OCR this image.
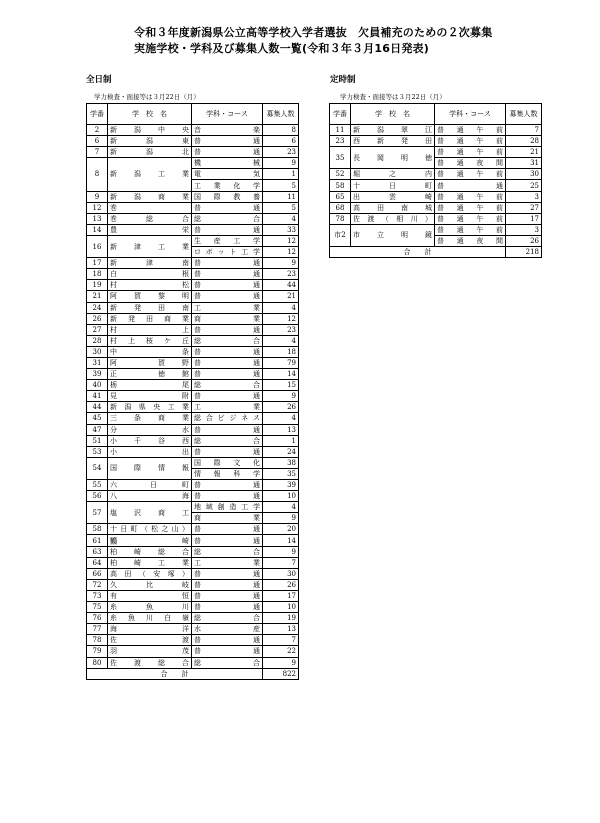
令和３年度新潟県公立高等学校入学者選抜　欠員補充のための２次募集
実施学校・学科及び募集人数一覧(令和３年３月16日発表)
全日制
学力検査・面接等は３月22日（月）
定時制
学力検査・面接等は３月22日（月）
学番	学　校　名	学科・コース	募集人数
2	新　潟　中　央	音　　　　楽	8
6	新　　潟　　東	普　　　　通	6
7	新　　潟　　北	普　　　　通	23
8	新　潟　工　業	機　　　　械	9
		電　　　　気	1
		工　業　化　学	5
9	新　潟　商　業	国　際　教　養	11
12	巻	普　　　　通	5
13	巻　　総　　合	総　　　　合	4
14	豊　　　　　栄	普　　　　通	33
16	新　津　工　業	生　産　工　学	12
		ロ ボ ッ ト 工 学	12
17	新　　津　　南	普　　　　通	9
18	白　　　　　根	普　　　　通	23
19	村　　　　　松	普　　　　通	44
21	阿　賀　黎　明	普　　　　通	21
24	新　発　田　南	工　　　　業	4
26	新　発　田　商　業	商　　　　業	12
27	村　　　　　上	普　　　　通	23
28	村　上　桜　ケ　丘	総　　　　合	4
30	中　　　　　条	普　　　　通	18
31	阿　　　　　賀　　野	普　　　　通	79
39	正　　　　　徳　　館	普　　　　通	14
40	栃　　　　　尾	総　　　　合	15
41	見　　　　　附	普　　　　通	9
44	新　潟　県　央　工　業	工　　　　業	26
45	三　　条　　商　　業	総合ビジネス	4
47	分　　　　　水	普　　　　通	13
51	小　　千　　谷　　西	総　　　　合	1
53	小　　　　　出	普　　　　通	24
54	国　　際　　情　　報	国　際　文　化	38
		情　報　科　学	35
55	六　　　　日　　　町	普　　　　通	39
56	八　　　　　　　　海	普　　　　通	10
57	塩　　沢　　商　　工	地域創造工学	4
		商　　　　業	9
58	十日町（松之山）	普　　　　通	20
61	鶴 崎	普　　　　通	14
63	柏　　崎　　総　　合	総　　　　合	9
64	柏　　崎　　工　　業	工　　　　業	7
66	高田（安塚）	普　　　　通	30
72	久　　　比　　　岐	普　　　　通	26
73	有　　　　　　　恒	普　　　　通	17
75	糸　　　魚　　　川	普　　　　通	10
76	糸　魚　川　白　嶺	総　　　　合	19
77	海　　　　　　　洋	水　　　　産	13
78	佐　　　　　　　渡	普　　　　通	7
79	羽　　　　　　　茂	普　　　　通	22
80	佐　　渡　　総　　合	総　　　　合	9
合　　計			822
学番	学　校　名	学科・コース	募集人数
11	新　潟　翠　江	普　通　午　前	7
23	西　新　発　田	普　通　午　前	28
35	長　　岡　　明　　徳	普　通　午　前	21
		普　通　夜　間	31
52	堀　　　之　　　内	普　通　午　前	30
58	十　　　日　　　町	普　　　　通	25
65	出　　　雲　　　崎	普　通　午　前	3
68	高　田　南　城	普　通　午　前	27
78	佐渡（相川）	普　通　午　前	17
市2	市　　立　　明　　鏡	普　通　午　前	3
		普　通　夜　間	26
合　　計			218
